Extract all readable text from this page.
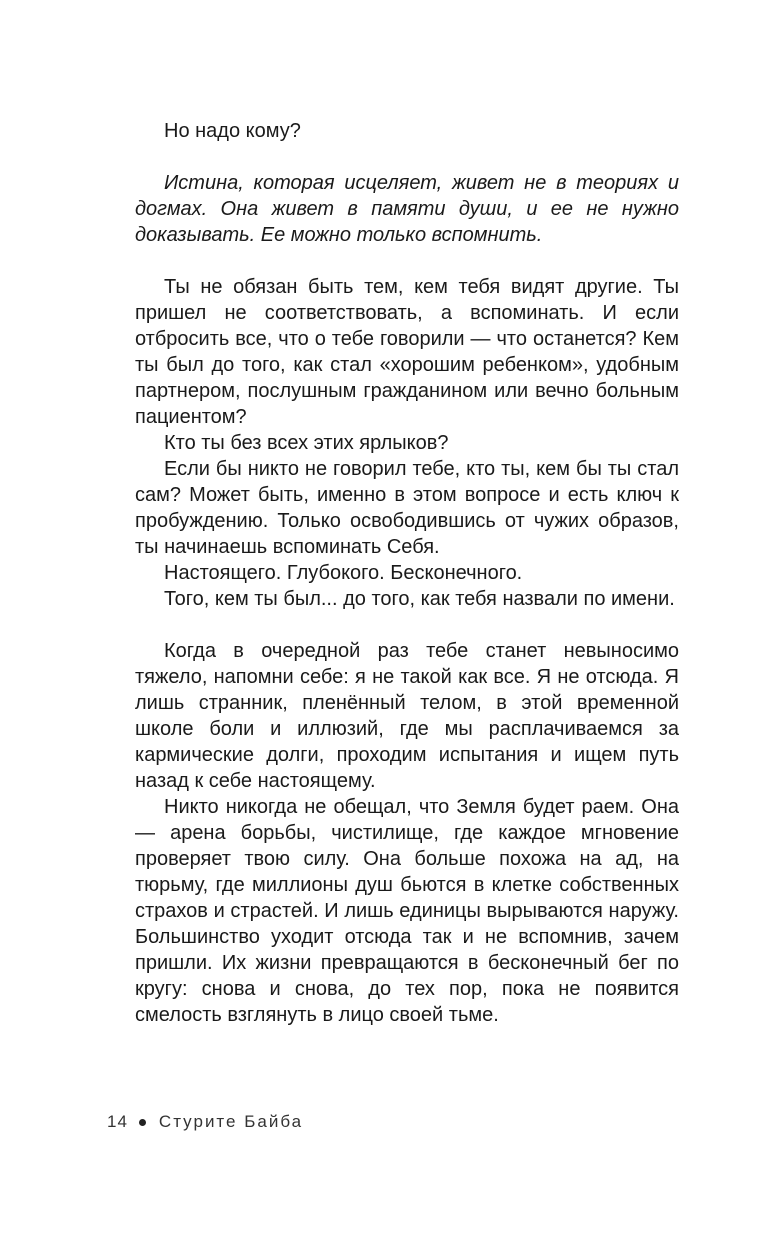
Но надо кому?

Истина, которая исцеляет, живет не в теориях и догмах. Она живет в памяти души, и ее не нужно доказывать. Ее можно только вспомнить.

Ты не обязан быть тем, кем тебя видят другие. Ты пришел не соответствовать, а вспоминать. И если отбросить все, что о тебе говорили — что останется? Кем ты был до того, как стал «хорошим ребенком», удобным партнером, послушным гражданином или вечно больным пациентом?

Кто ты без всех этих ярлыков?

Если бы никто не говорил тебе, кто ты, кем бы ты стал сам? Может быть, именно в этом вопросе и есть ключ к пробуждению. Только освободившись от чужих образов, ты начинаешь вспоминать Себя.

Настоящего. Глубокого. Бесконечного.

Того, кем ты был... до того, как тебя назвали по имени.

Когда в очередной раз тебе станет невыносимо тяжело, напомни себе: я не такой как все. Я не отсюда. Я лишь странник, пленённый телом, в этой временной школе боли и иллюзий, где мы расплачиваемся за кармические долги, проходим испытания и ищем путь назад к себе настоящему.

Никто никогда не обещал, что Земля будет раем. Она — арена борьбы, чистилище, где каждое мгновение проверяет твою силу. Она больше похожа на ад, на тюрьму, где миллионы душ бьются в клетке собственных страхов и страстей. И лишь единицы вырываются наружу. Большинство уходит отсюда так и не вспомнив, зачем пришли. Их жизни превращаются в бесконечный бег по кругу: снова и снова, до тех пор, пока не появится смелость взглянуть в лицо своей тьме.

14 Стурите Байба
